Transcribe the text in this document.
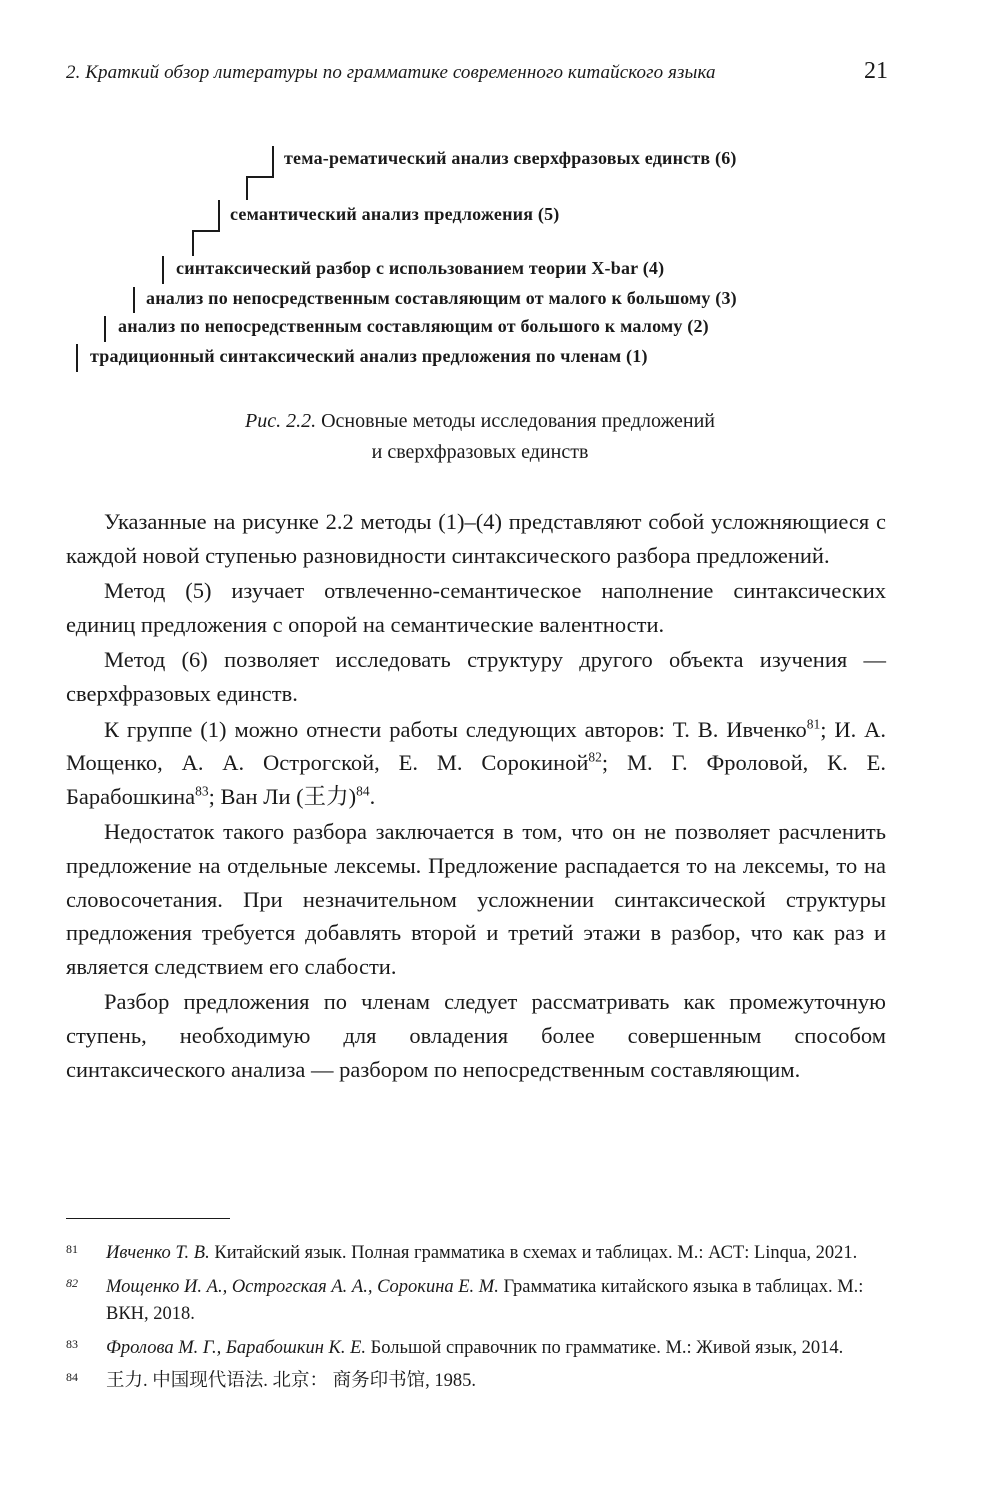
2. Краткий обзор литературы по грамматике современного китайского языка	21
тема-рематический анализ сверхфразовых единств (6)
семантический анализ предложения (5)
синтаксический разбор с использованием теории X-bar (4)
анализ по непосредственным составляющим от малого к большому (3)
анализ по непосредственным составляющим от большого к малому (2)
традиционный синтаксический анализ предложения по членам (1)
Рис. 2.2. Основные методы исследования предложений
и сверхфразовых единств

Указанные на рисунке 2.2 методы (1)–(4) представляют собой усложняющиеся с каждой новой ступенью разновидности синтаксического разбора предложений.

Метод (5) изучает отвлеченно-семантическое наполнение синтаксических единиц предложения с опорой на семантические валентности.

Метод (6) позволяет исследовать структуру другого объекта изучения — сверхфразовых единств.

К группе (1) можно отнести работы следующих авторов: Т. В. Ивченко$^{81}$; И. А. Мощенко, А. А. Острогской, Е. М. Сорокиной$^{82}$; М. Г. Фроловой, К. Е. Барабошкина$^{83}$; Ван Ли (王力)$^{84}$.

Недостаток такого разбора заключается в том, что он не позволяет расчленить предложение на отдельные лексемы. Предложение распадается то на лексемы, то на словосочетания. При незначительном усложнении синтаксической структуры предложения требуется добавлять второй и третий этажи в разбор, что как раз и является следствием его слабости.

Разбор предложения по членам следует рассматривать как промежуточную ступень, необходимую для овладения более совершенным способом синтаксического анализа — разбором по непосредственным составляющим.

81 Ивченко Т. В. Китайский язык. Полная грамматика в схемах и таблицах. М.: АСТ: Linqua, 2021.
82 Мощенко И. А., Острогская А. А., Сорокина Е. М. Грамматика китайского языка в таблицах. М.: ВКН, 2018.
83 Фролова М. Г., Барабошкин К. Е. Большой справочник по грамматике. М.: Живой язык, 2014.
84 王力. 中国现代语法. 北京： 商务印书馆, 1985.
